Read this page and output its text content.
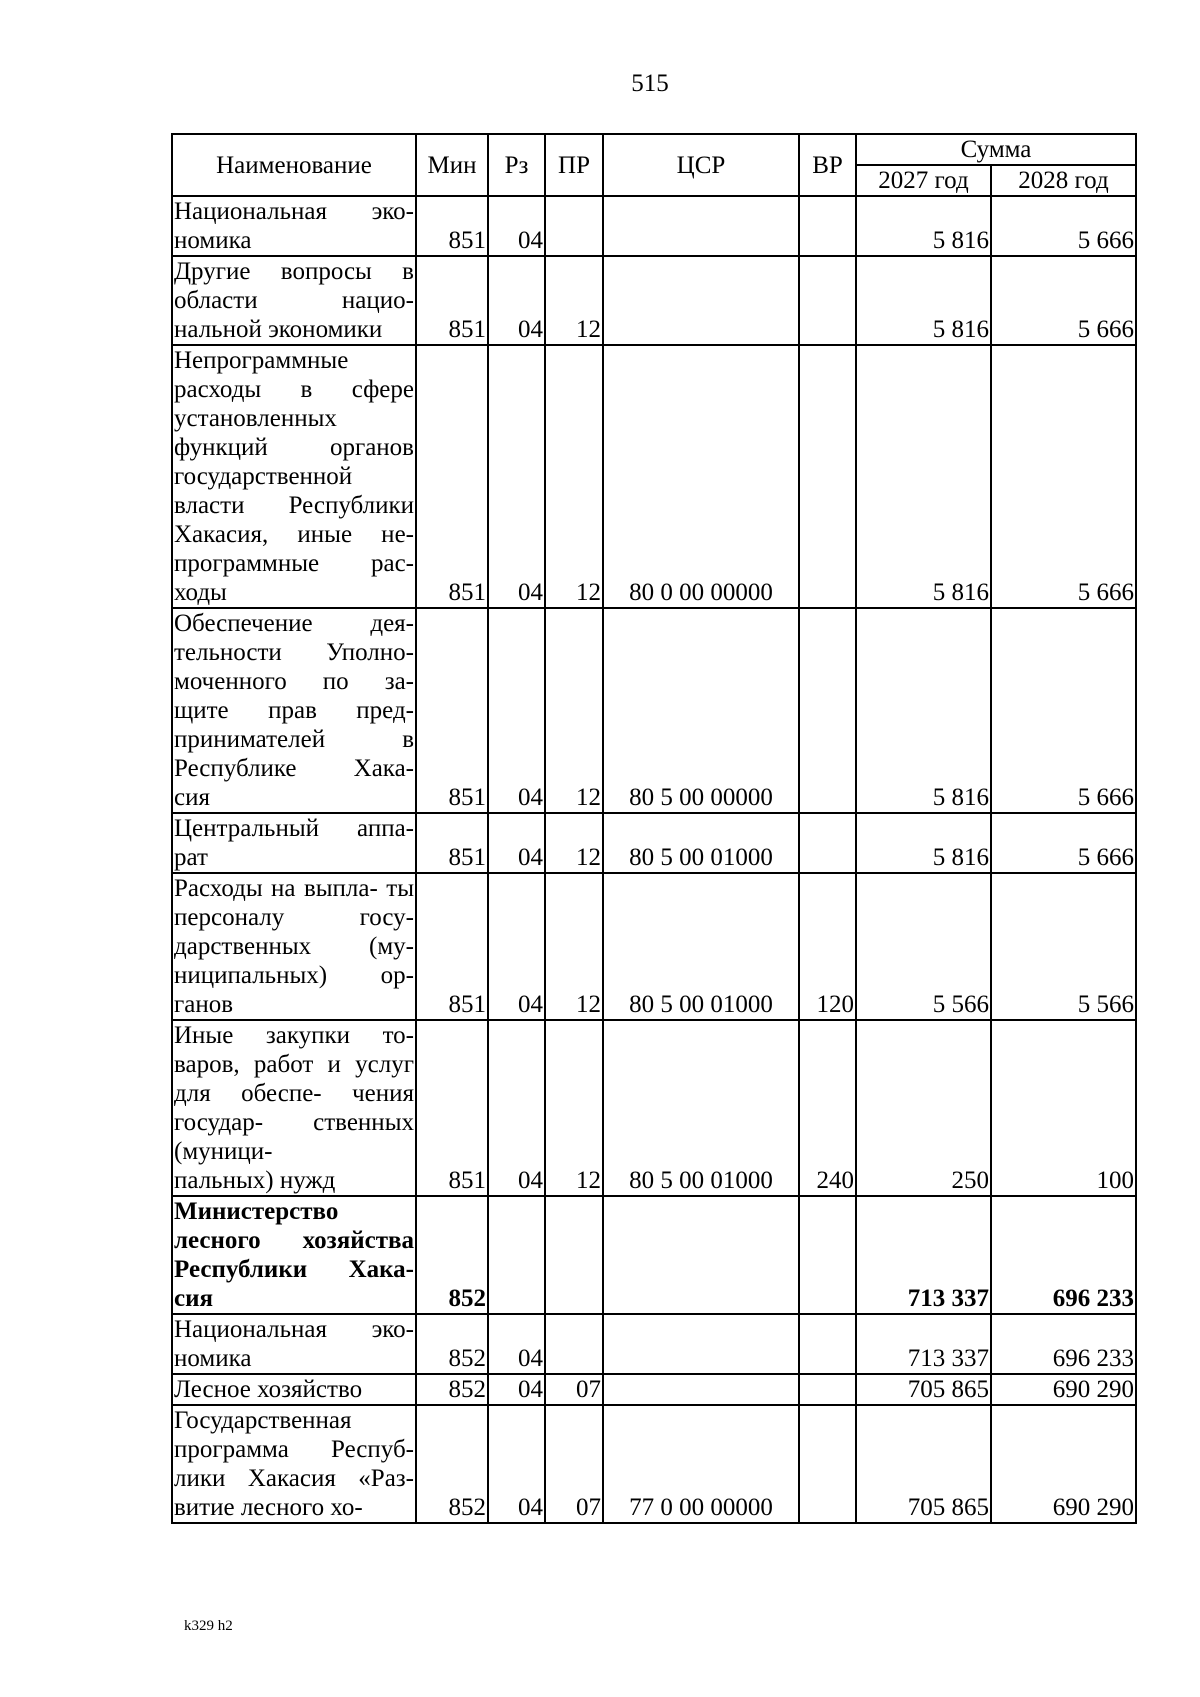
515
Наименование	Мин	Рз	ПР	ЦСР	ВР	Сумма	
						2027 год	2028 год
Национальная эко-
номика	851	04				5 816	5 666
Другие вопросы в области нацио-
нальной экономики	851	04	12			5 816	5 666
Непрограммные расходы в сфере установленных функций органов государственной власти Республики Хакасия, иные не- программные рас-
ходы	851	04	12	80 0 00 00000		5 816	5 666
Обеспечение дея- тельности Уполно- моченного по за- щите прав пред- принимателей в Республике Хака-
сия	851	04	12	80 5 00 00000		5 816	5 666
Центральный аппа-
рат	851	04	12	80 5 00 01000		5 816	5 666
Расходы на выпла- ты персоналу госу- дарственных (му- ниципальных) ор-
ганов	851	04	12	80 5 00 01000	120	5 566	5 566
Иные закупки то- варов, работ и услуг для обеспе- чения государ- ственных (муници-
пальных) нужд	851	04	12	80 5 00 01000	240	250	100
Министерство лесного хозяйства Республики Хака-
сия	852					713 337	696 233
Национальная эко-
номика	852	04				713 337	696 233

Лесное хозяйство	852	04	07			705 865	690 290
Государственная программа Респуб- лики Хакасия «Раз-
витие лесного хо-	852	04	07	77 0 00 00000		705 865	690 290
k329 h2
